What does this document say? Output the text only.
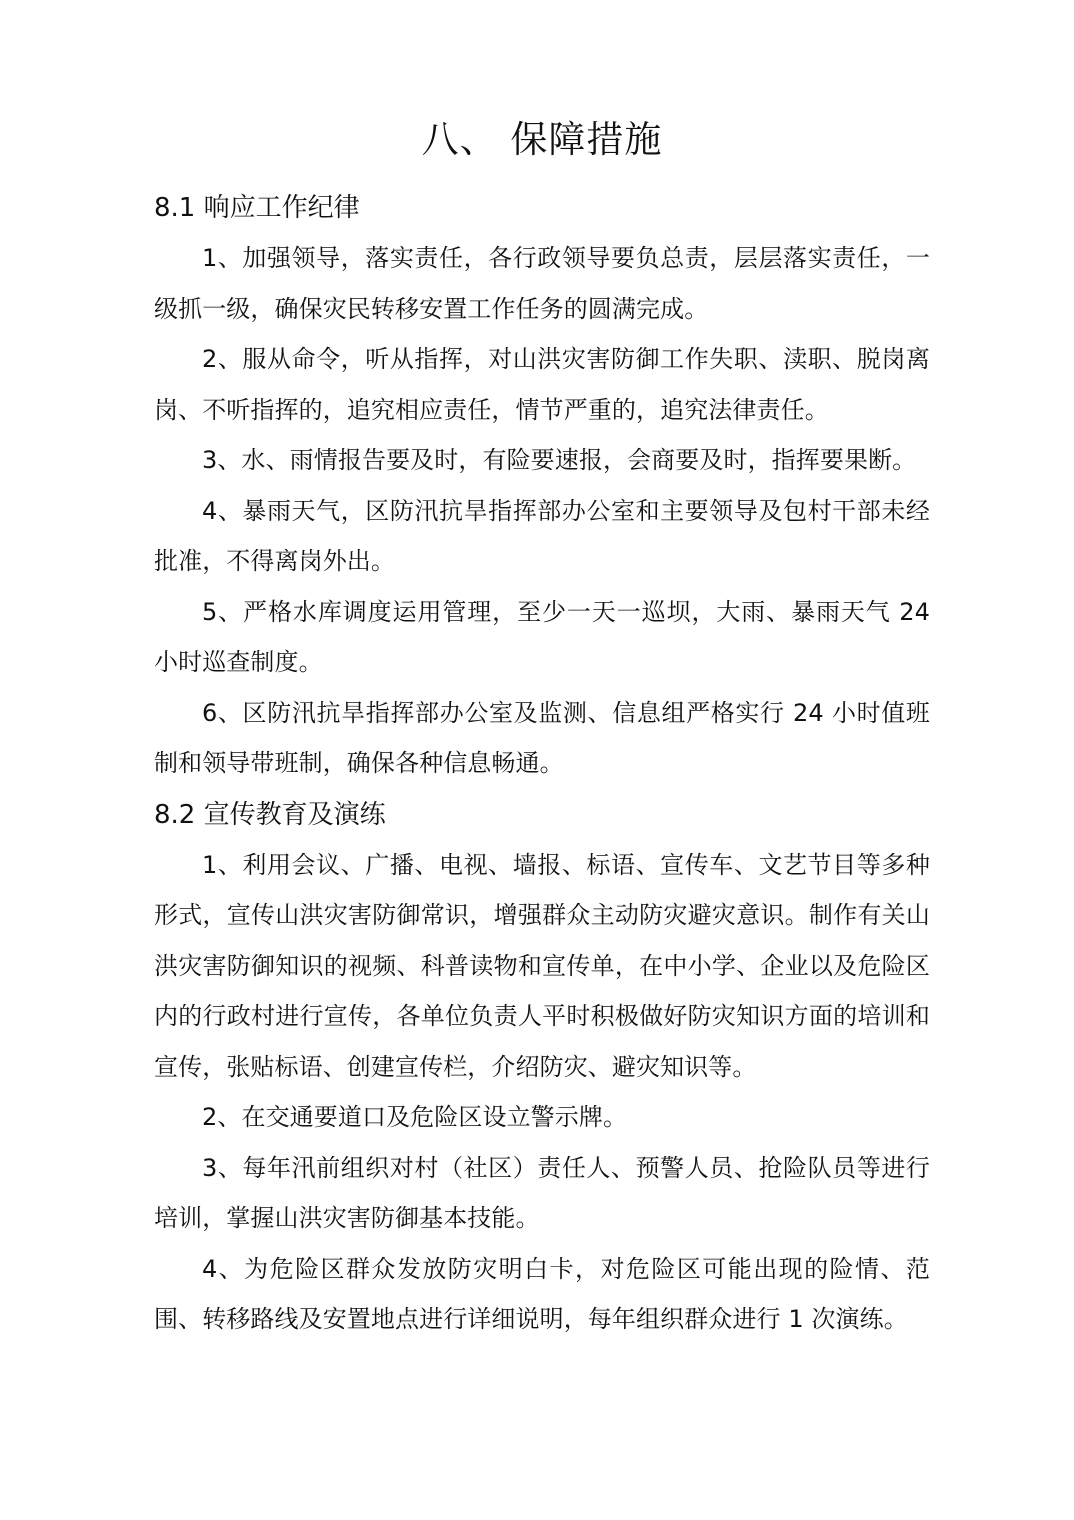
八、 保障措施
8.1 响应工作纪律

1、加强领导，落实责任，各行政领导要负总责，层层落实责任，一级抓一级，确保灾民转移安置工作任务的圆满完成。

2、服从命令，听从指挥，对山洪灾害防御工作失职、渎职、脱岗离岗、不听指挥的，追究相应责任，情节严重的，追究法律责任。

3、水、雨情报告要及时，有险要速报，会商要及时，指挥要果断。

4、暴雨天气，区防汛抗旱指挥部办公室和主要领导及包村干部未经批准，不得离岗外出。

5、严格水库调度运用管理，至少一天一巡坝，大雨、暴雨天气 24 小时巡查制度。

6、区防汛抗旱指挥部办公室及监测、信息组严格实行 24 小时值班制和领导带班制，确保各种信息畅通。

8.2 宣传教育及演练

1、利用会议、广播、电视、墙报、标语、宣传车、文艺节目等多种形式，宣传山洪灾害防御常识，增强群众主动防灾避灾意识。制作有关山洪灾害防御知识的视频、科普读物和宣传单，在中小学、企业以及危险区内的行政村进行宣传，各单位负责人平时积极做好防灾知识方面的培训和宣传，张贴标语、创建宣传栏，介绍防灾、避灾知识等。

2、在交通要道口及危险区设立警示牌。

3、每年汛前组织对村（社区）责任人、预警人员、抢险队员等进行培训，掌握山洪灾害防御基本技能。

4、为危险区群众发放防灾明白卡，对危险区可能出现的险情、范围、转移路线及安置地点进行详细说明，每年组织群众进行 1 次演练。
